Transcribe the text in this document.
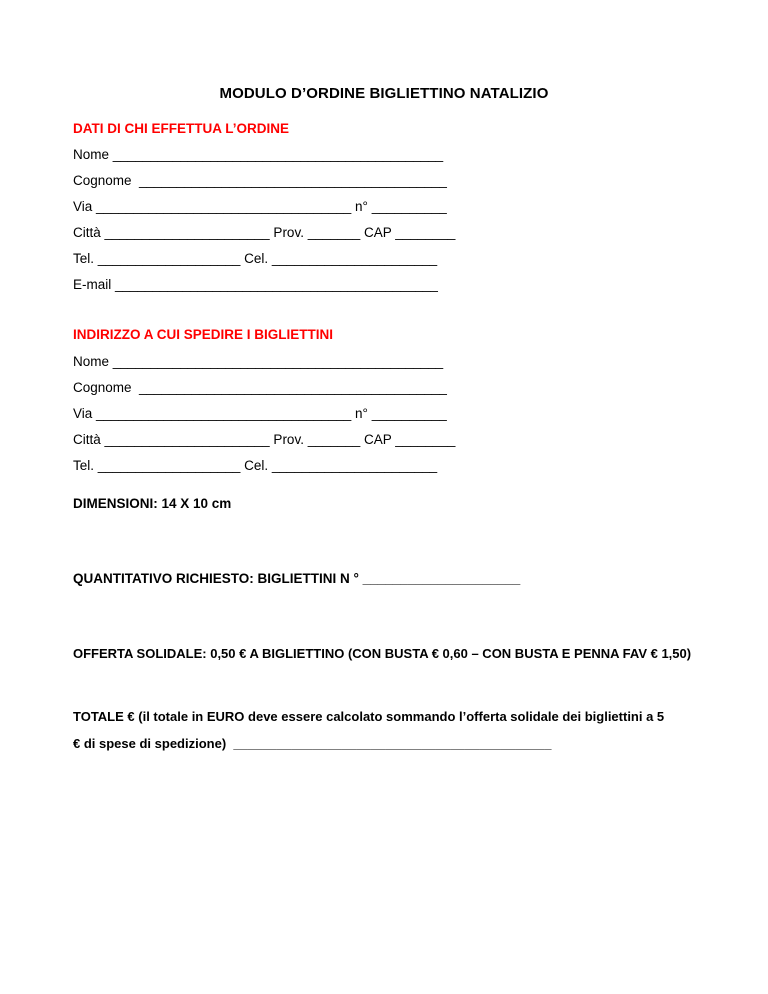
MODULO D’ORDINE BIGLIETTINO NATALIZIO
DATI DI CHI EFFETTUA L’ORDINE
Nome ____________________________________________
Cognome  _________________________________________
Via __________________________________ n° __________
Città ______________________ Prov. _______ CAP ________
Tel. ___________________ Cel. ______________________
E-mail ___________________________________________
INDIRIZZO A CUI SPEDIRE I BIGLIETTINI
Nome ____________________________________________
Cognome  _________________________________________
Via __________________________________ n° __________
Città ______________________ Prov. _______ CAP ________
Tel. ___________________ Cel. ______________________
DIMENSIONI: 14 X 10 cm
QUANTITATIVO RICHIESTO: BIGLIETTINI N ° _____________________
OFFERTA SOLIDALE: 0,50 € A BIGLIETTINO (CON BUSTA € 0,60 – CON BUSTA E PENNA FAV € 1,50)
TOTALE € (il totale in EURO deve essere calcolato sommando l’offerta solidale dei bigliettini a 5
€ di spese di spedizione)  ____________________________________________
